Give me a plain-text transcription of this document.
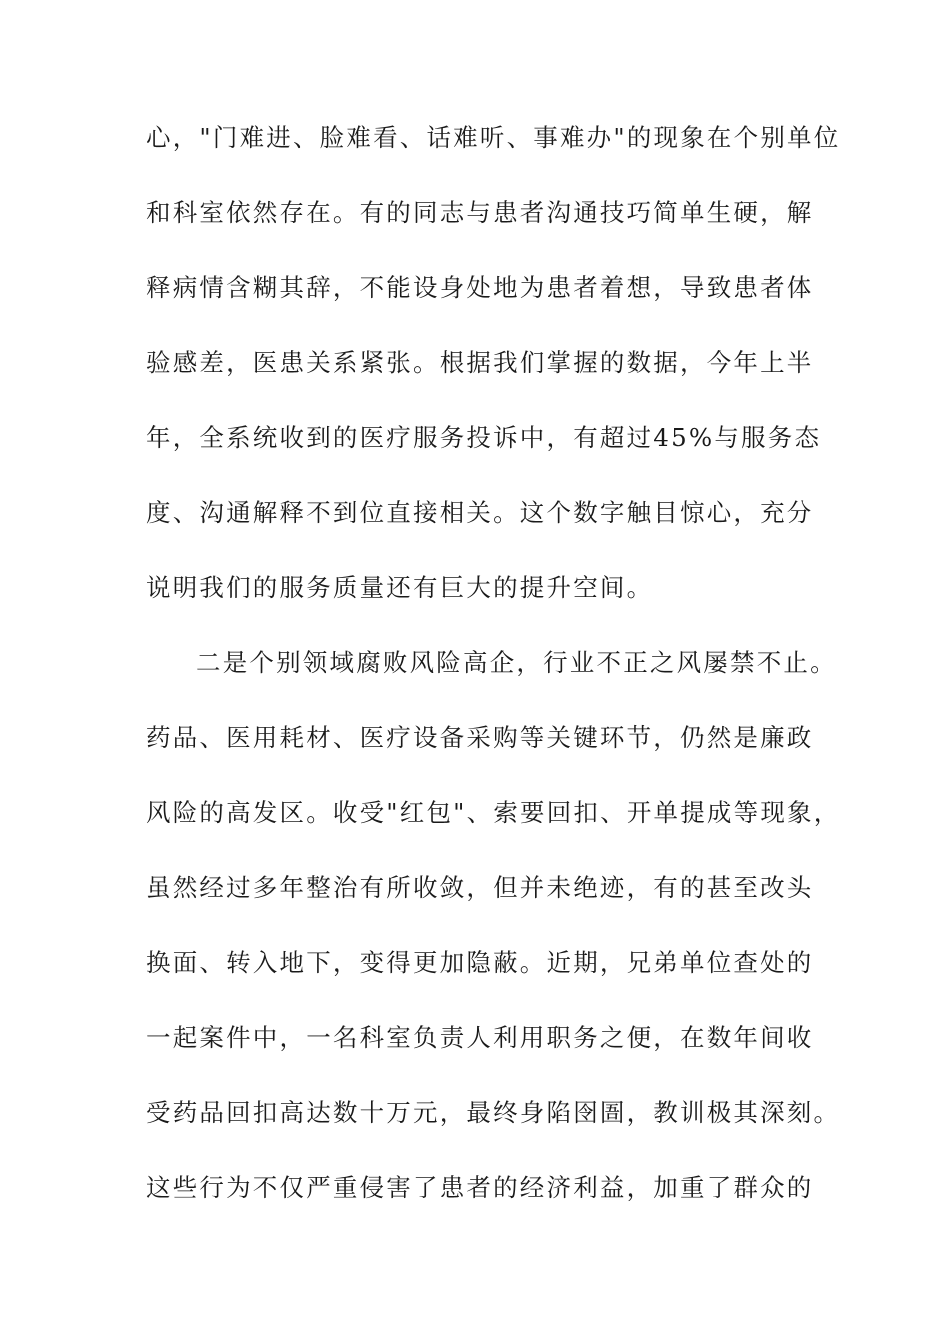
心，"门难进、脸难看、话难听、事难办"的现象在个别单位
和科室依然存在。有的同志与患者沟通技巧简单生硬，解
释病情含糊其辞，不能设身处地为患者着想，导致患者体
验感差，医患关系紧张。根据我们掌握的数据，今年上半
年，全系统收到的医疗服务投诉中，有超过45%与服务态
度、沟通解释不到位直接相关。这个数字触目惊心，充分
说明我们的服务质量还有巨大的提升空间。
二是个别领域腐败风险高企，行业不正之风屡禁不止。
药品、医用耗材、医疗设备采购等关键环节，仍然是廉政
风险的高发区。收受"红包"、索要回扣、开单提成等现象，
虽然经过多年整治有所收敛，但并未绝迹，有的甚至改头
换面、转入地下，变得更加隐蔽。近期，兄弟单位查处的
一起案件中，一名科室负责人利用职务之便，在数年间收
受药品回扣高达数十万元，最终身陷囹圄，教训极其深刻。
这些行为不仅严重侵害了患者的经济利益，加重了群众的
